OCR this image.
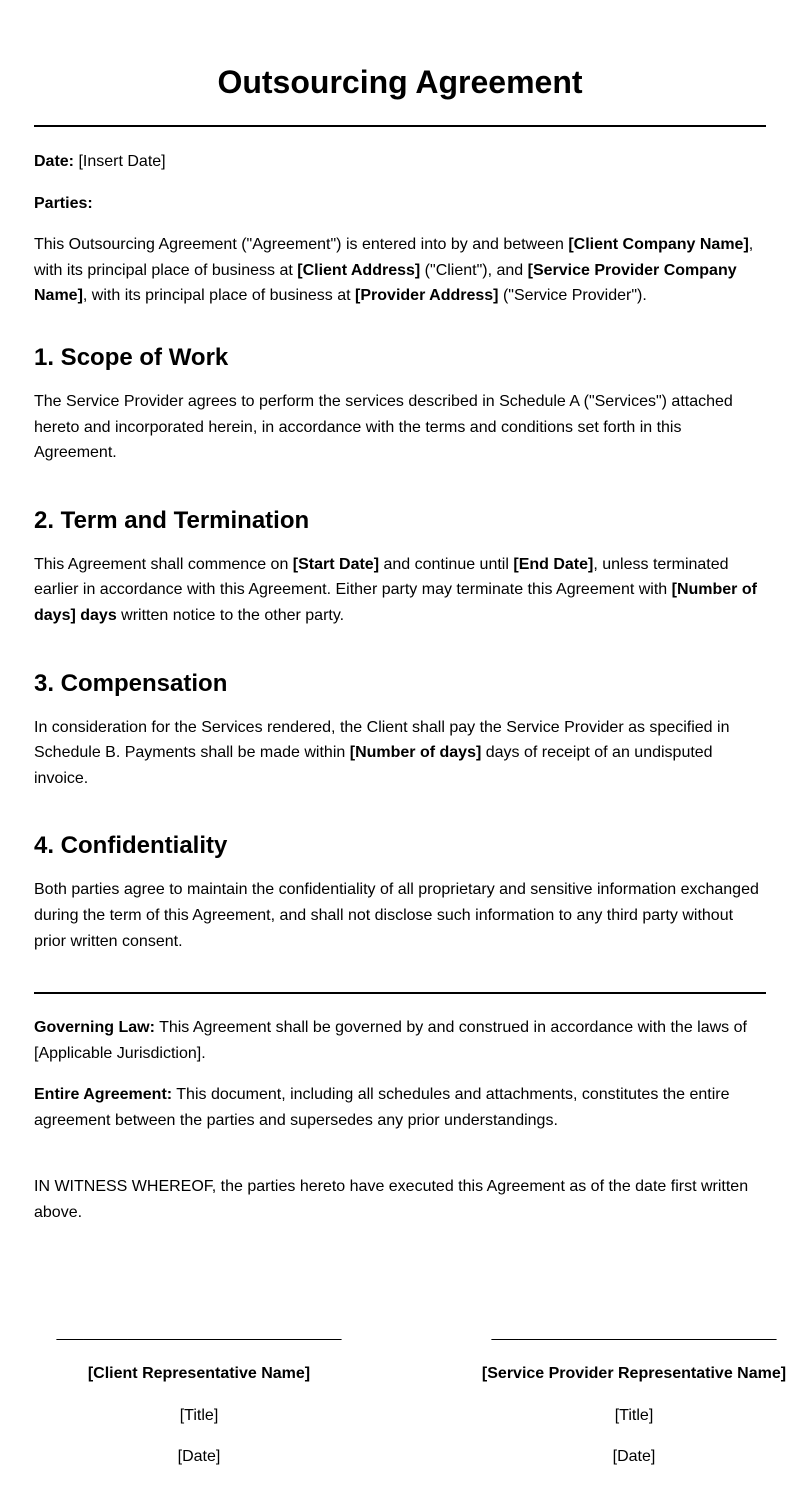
Outsourcing Agreement

Date: [Insert Date]

Parties:

This Outsourcing Agreement ("Agreement") is entered into by and between [Client Company Name], with its principal place of business at [Client Address] ("Client"), and [Service Provider Company Name], with its principal place of business at [Provider Address] ("Service Provider").

1. Scope of Work

The Service Provider agrees to perform the services described in Schedule A ("Services") attached hereto and incorporated herein, in accordance with the terms and conditions set forth in this Agreement.

2. Term and Termination

This Agreement shall commence on [Start Date] and continue until [End Date], unless terminated earlier in accordance with this Agreement. Either party may terminate this Agreement with [Number of days] days written notice to the other party.

3. Compensation

In consideration for the Services rendered, the Client shall pay the Service Provider as specified in Schedule B. Payments shall be made within [Number of days] days of receipt of an undisputed invoice.

4. Confidentiality

Both parties agree to maintain the confidentiality of all proprietary and sensitive information exchanged during the term of this Agreement, and shall not disclose such information to any third party without prior written consent.

Governing Law: This Agreement shall be governed by and construed in accordance with the laws of [Applicable Jurisdiction].

Entire Agreement: This document, including all schedules and attachments, constitutes the entire agreement between the parties and supersedes any prior understandings.

IN WITNESS WHEREOF, the parties hereto have executed this Agreement as of the date first written above.

________________________________
[Client Representative Name]
[Title]
[Date]
________________________________
[Service Provider Representative Name]
[Title]
[Date]
